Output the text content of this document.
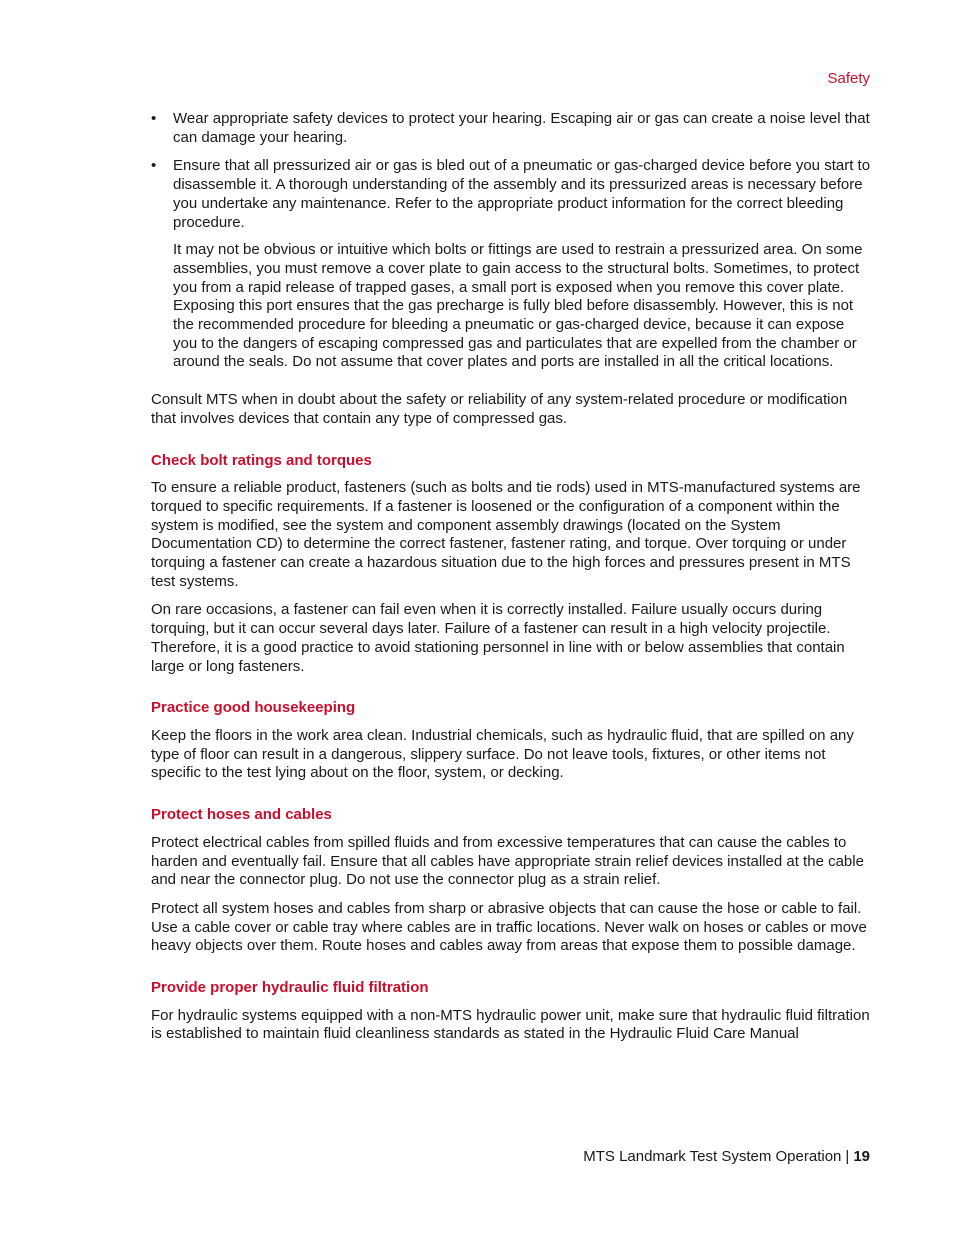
Safety
• Wear appropriate safety devices to protect your hearing. Escaping air or gas can create a noise level that can damage your hearing.

• Ensure that all pressurized air or gas is bled out of a pneumatic or gas-charged device before you start to disassemble it. A thorough understanding of the assembly and its pressurized areas is necessary before you undertake any maintenance. Refer to the appropriate product information for the correct bleeding procedure.

It may not be obvious or intuitive which bolts or fittings are used to restrain a pressurized area. On some assemblies, you must remove a cover plate to gain access to the structural bolts. Sometimes, to protect you from a rapid release of trapped gases, a small port is exposed when you remove this cover plate. Exposing this port ensures that the gas precharge is fully bled before disassembly. However, this is not the recommended procedure for bleeding a pneumatic or gas-charged device, because it can expose you to the dangers of escaping compressed gas and particulates that are expelled from the chamber or around the seals. Do not assume that cover plates and ports are installed in all the critical locations.

Consult MTS when in doubt about the safety or reliability of any system-related procedure or modification that involves devices that contain any type of compressed gas.

Check bolt ratings and torques

To ensure a reliable product, fasteners (such as bolts and tie rods) used in MTS-manufactured systems are torqued to specific requirements. If a fastener is loosened or the configuration of a component within the system is modified, see the system and component assembly drawings (located on the System Documentation CD) to determine the correct fastener, fastener rating, and torque. Over torquing or under torquing a fastener can create a hazardous situation due to the high forces and pressures present in MTS test systems.

On rare occasions, a fastener can fail even when it is correctly installed. Failure usually occurs during torquing, but it can occur several days later. Failure of a fastener can result in a high velocity projectile. Therefore, it is a good practice to avoid stationing personnel in line with or below assemblies that contain large or long fasteners.

Practice good housekeeping

Keep the floors in the work area clean. Industrial chemicals, such as hydraulic fluid, that are spilled on any type of floor can result in a dangerous, slippery surface. Do not leave tools, fixtures, or other items not specific to the test lying about on the floor, system, or decking.

Protect hoses and cables

Protect electrical cables from spilled fluids and from excessive temperatures that can cause the cables to harden and eventually fail. Ensure that all cables have appropriate strain relief devices installed at the cable and near the connector plug. Do not use the connector plug as a strain relief.

Protect all system hoses and cables from sharp or abrasive objects that can cause the hose or cable to fail. Use a cable cover or cable tray where cables are in traffic locations. Never walk on hoses or cables or move heavy objects over them. Route hoses and cables away from areas that expose them to possible damage.

Provide proper hydraulic fluid filtration

For hydraulic systems equipped with a non-MTS hydraulic power unit, make sure that hydraulic fluid filtration is established to maintain fluid cleanliness standards as stated in the Hydraulic Fluid Care Manual

MTS Landmark Test System Operation | 19
